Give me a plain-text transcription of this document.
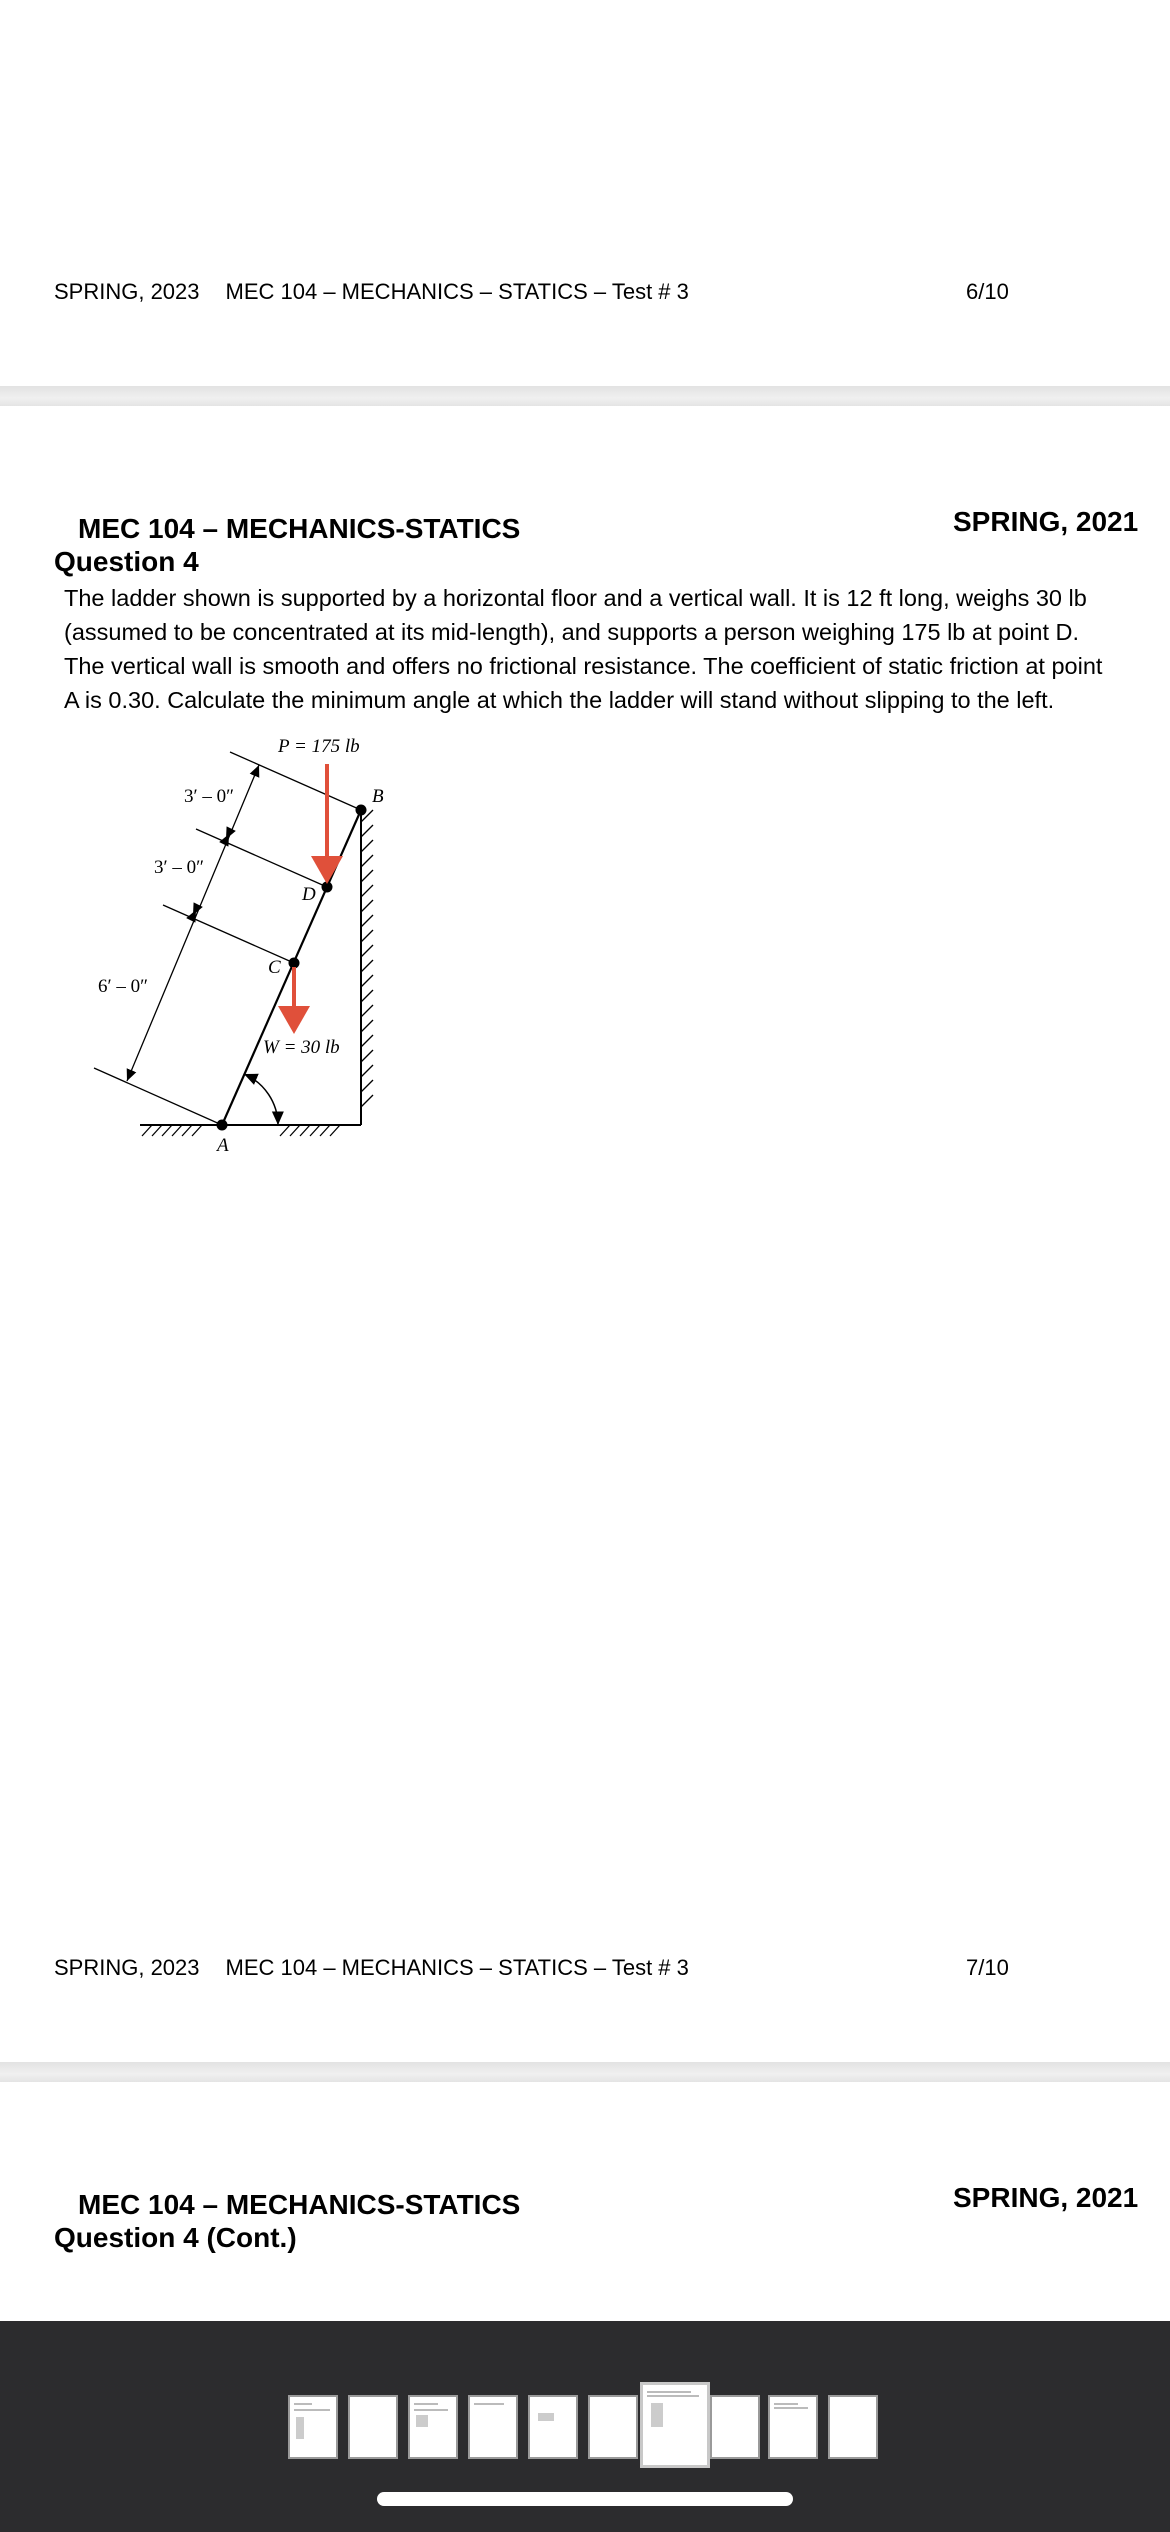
SPRING, 2023 MEC 104 – MECHANICS – STATICS – Test # 3	6/10
MEC 104 – MECHANICS-STATICS	SPRING, 2021
Question 4
The ladder shown is supported by a horizontal floor and a vertical wall. It is 12 ft long, weighs 30 lb
(assumed to be concentrated at its mid-length), and supports a person weighing 175 lb at point D.
The vertical wall is smooth and offers no frictional resistance. The coefficient of static friction at point
A is 0.30. Calculate the minimum angle at which the ladder will stand without slipping to the left.
P = 175 lb
W = 30 lb
B
D
C
A
3′ – 0″
3′ – 0″
6′ – 0″
SPRING, 2023 MEC 104 – MECHANICS – STATICS – Test # 3	7/10
MEC 104 – MECHANICS-STATICS	SPRING, 2021
Question 4 (Cont.)
